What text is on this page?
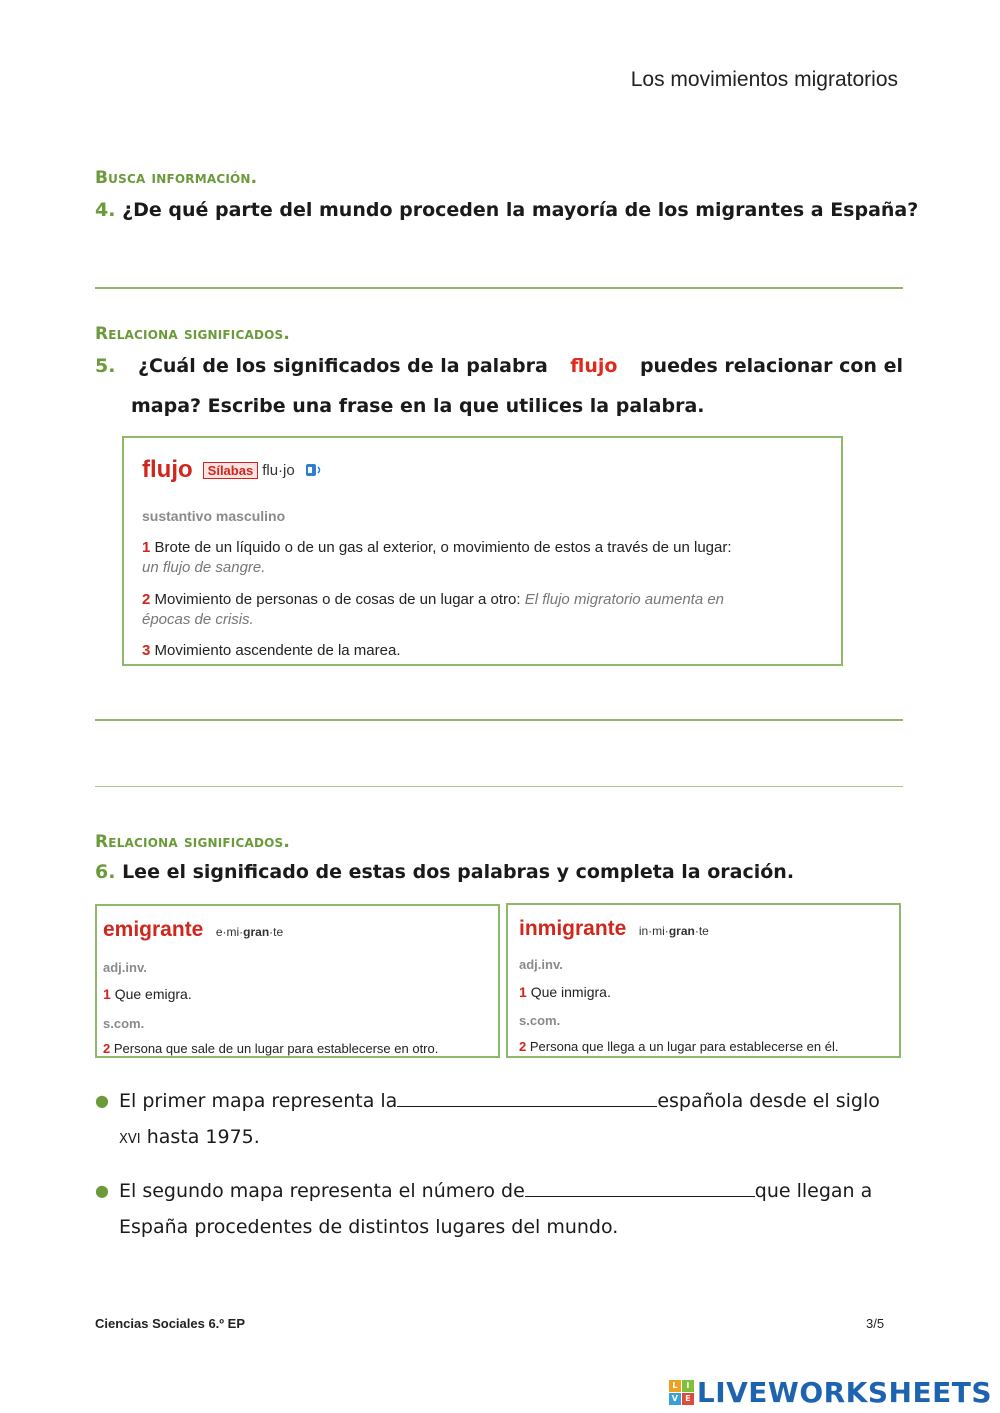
Los movimientos migratorios
Busca información.
4. ¿De qué parte del mundo proceden la mayoría de los migrantes a España?
Relaciona significados.
5. ¿Cuál de los significados de la palabra flujo puedes relacionar con el
mapa? Escribe una frase en la que utilices la palabra.
flujo	Sílabas flu·jo
sustantivo masculino
1 Brote de un líquido o de un gas al exterior, o movimiento de estos a través de un lugar:
un flujo de sangre.
2 Movimiento de personas o de cosas de un lugar a otro: El flujo migratorio aumenta en
épocas de crisis.
3 Movimiento ascendente de la marea.
Relaciona significados.
6. Lee el significado de estas dos palabras y completa la oración.
emigrante e·mi·gran·te
adj.inv.
1 Que emigra.
s.com.
2 Persona que sale de un lugar para establecerse en otro.
inmigrante in·mi·gran·te
adj.inv.
1 Que inmigra.
s.com.
2 Persona que llega a un lugar para establecerse en él.
● El primer mapa representa la	española desde el siglo
xvi hasta 1975.
● El segundo mapa representa el número de	que llegan a
España procedentes de distintos lugares del mundo.
Ciencias Sociales 6.º EP	3/5
L	I
V E LIVEWORKSHEETS
